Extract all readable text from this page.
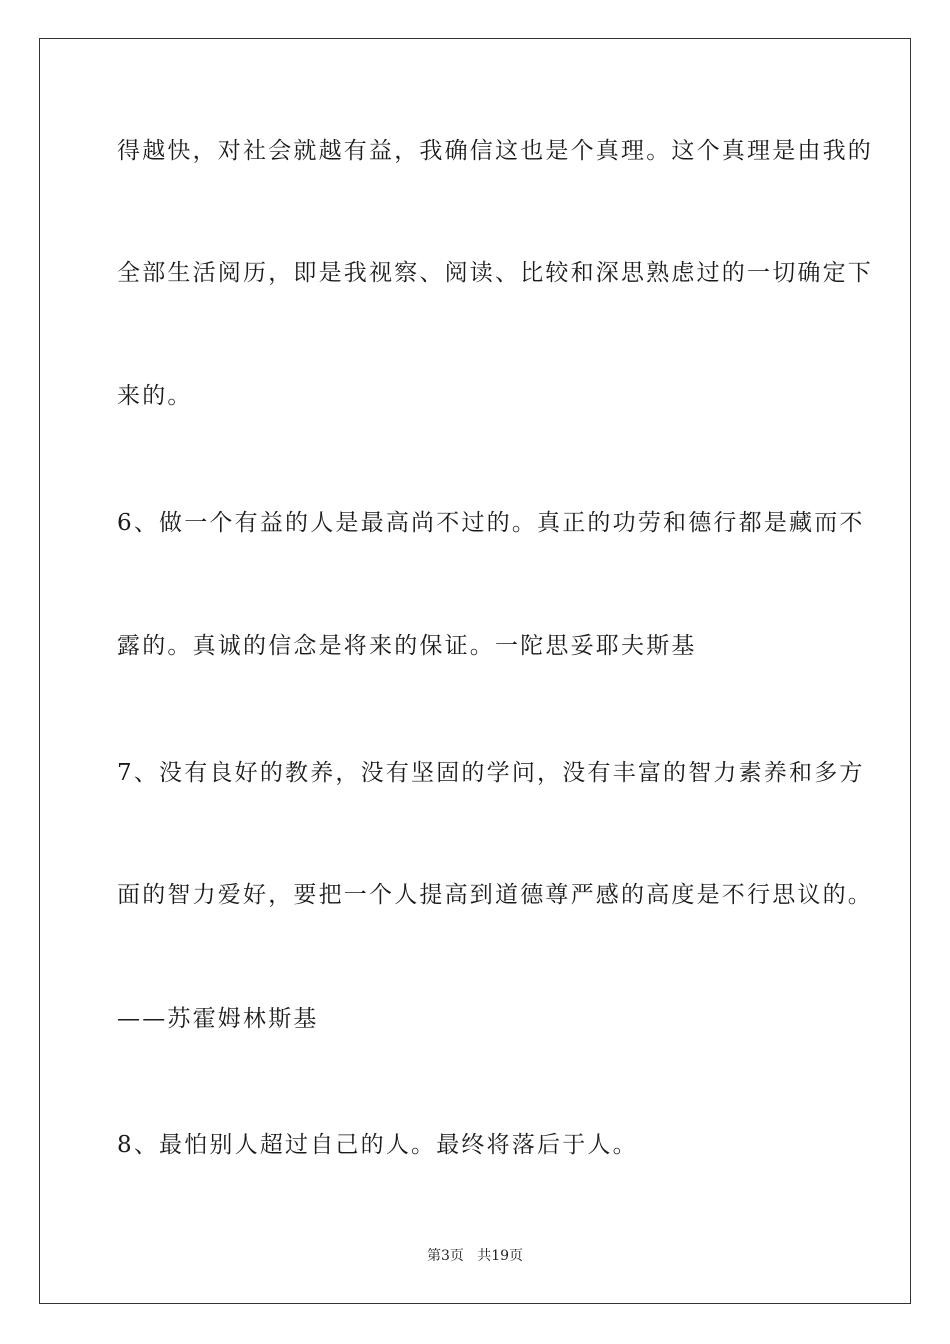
得越快，对社会就越有益，我确信这也是个真理。这个真理是由我的
全部生活阅历，即是我视察、阅读、比较和深思熟虑过的一切确定下
来的。
6、做一个有益的人是最高尚不过的。真正的功劳和德行都是藏而不
露的。真诚的信念是将来的保证。一陀思妥耶夫斯基
7、没有良好的教养，没有坚固的学问，没有丰富的智力素养和多方
面的智力爱好，要把一个人提高到道德尊严感的高度是不行思议的。
——苏霍姆林斯基
8、最怕别人超过自己的人。最终将落后于人。
第3页   共19页
